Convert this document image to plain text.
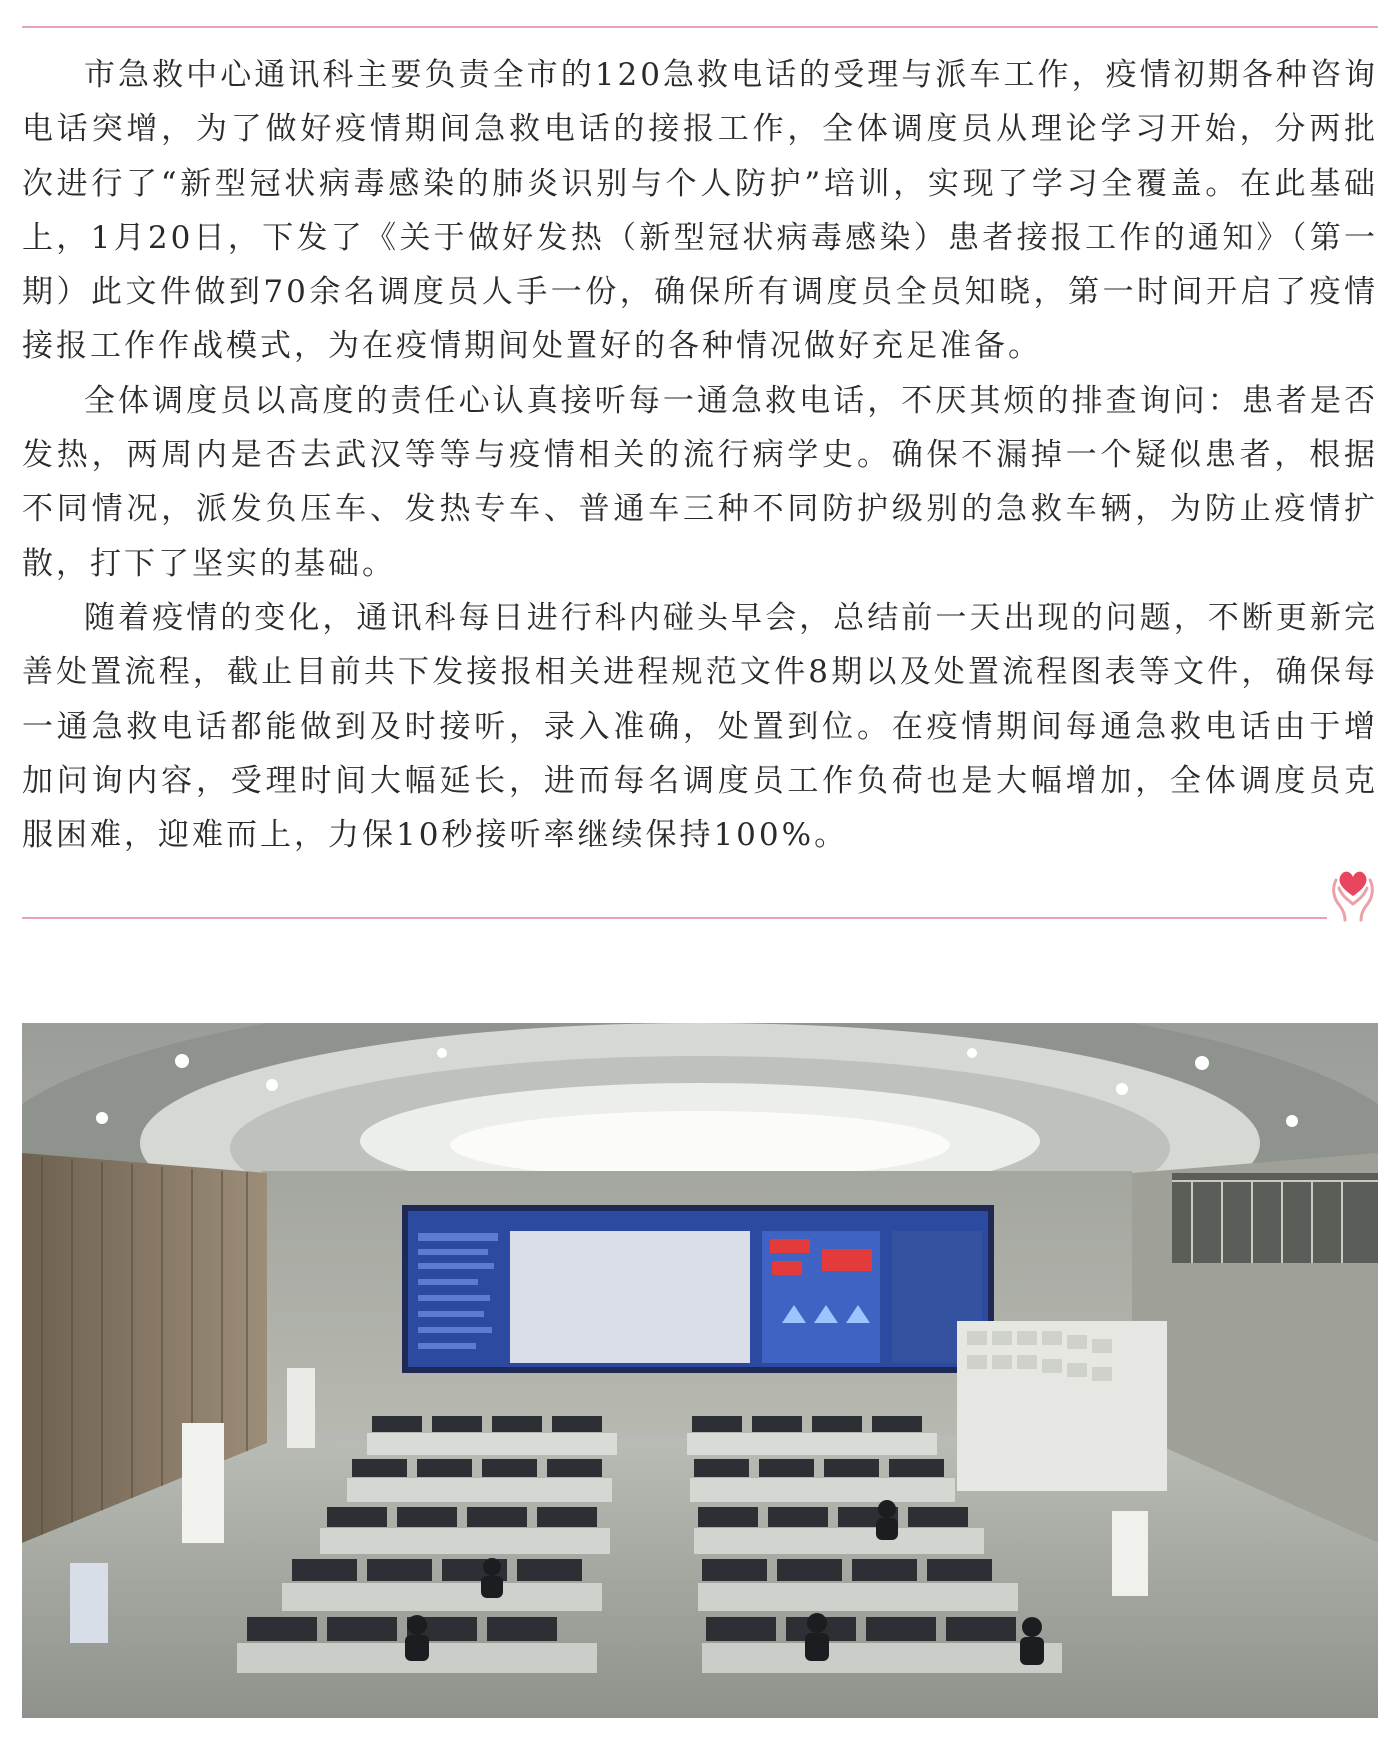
市急救中心通讯科主要负责全市的120急救电话的受理与派车工作，疫情初期各种咨询电话突增，为了做好疫情期间急救电话的接报工作，全体调度员从理论学习开始，分两批次进行了“新型冠状病毒感染的肺炎识别与个人防护”培训，实现了学习全覆盖。在此基础上，1月20日，下发了《关于做好发热（新型冠状病毒感染）患者接报工作的通知》（第一期）此文件做到70余名调度员人手一份，确保所有调度员全员知晓，第一时间开启了疫情接报工作作战模式，为在疫情期间处置好的各种情况做好充足准备。

全体调度员以高度的责任心认真接听每一通急救电话，不厌其烦的排查询问：患者是否发热，两周内是否去武汉等等与疫情相关的流行病学史。确保不漏掉一个疑似患者，根据不同情况，派发负压车、发热专车、普通车三种不同防护级别的急救车辆，为防止疫情扩散，打下了坚实的基础。

随着疫情的变化，通讯科每日进行科内碰头早会，总结前一天出现的问题，不断更新完善处置流程，截止目前共下发接报相关进程规范文件8期以及处置流程图表等文件，确保每一通急救电话都能做到及时接听，录入准确，处置到位。在疫情期间每通急救电话由于增加问询内容，受理时间大幅延长，进而每名调度员工作负荷也是大幅增加，全体调度员克服困难，迎难而上，力保10秒接听率继续保持100%。
